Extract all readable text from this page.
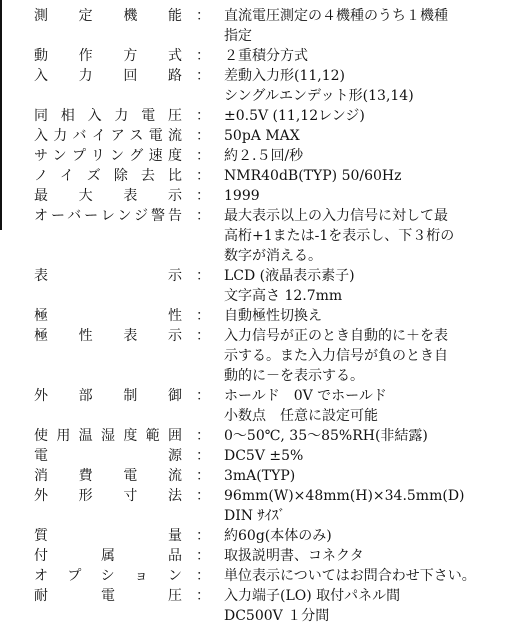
測定機能	：	直流電圧測定の４機種のうち１機種
指定
動作方式	：	２重積分方式
入力回路	：	差動入力形(11,12)
シングルエンデット形(13,14)
同相入力電圧	：	±0.5V (11,12レンジ)
入力バイアス電流	：	50pA MAX
サンプリング速度	：	約２.５回/秒
ノイズ除去比	：	NMR40dB(TYP) 50/60Hz
最大表示	：	1999
オーバーレンジ警告	：	最大表示以上の入力信号に対して最
高桁+1または-1を表示し、下３桁の
数字が消える。
表示	：	LCD (液晶表示素子)
文字高さ 12.7mm
極性	：	自動極性切換え
極性表示	：	入力信号が正のとき自動的に＋を表
示する。また入力信号が負のとき自
動的に－を表示する。
外部制御	：	ホールド　0V でホールド
小数点　任意に設定可能
使用温湿度範囲	：	0～50℃, 35～85%RH(非結露)
電源	：	DC5V ±5%
消費電流	：	3mA(TYP)
外形寸法	：	96mm(W)×48mm(H)×34.5mm(D)
DIN ｻｲｽﾞ
質量	：	約60g(本体のみ)
付属品	：	取扱説明書、コネクタ
オプション	：	単位表示についてはお問合わせ下さい。
耐電圧	：	入力端子(LO) 取付パネル間
DC500V １分間
